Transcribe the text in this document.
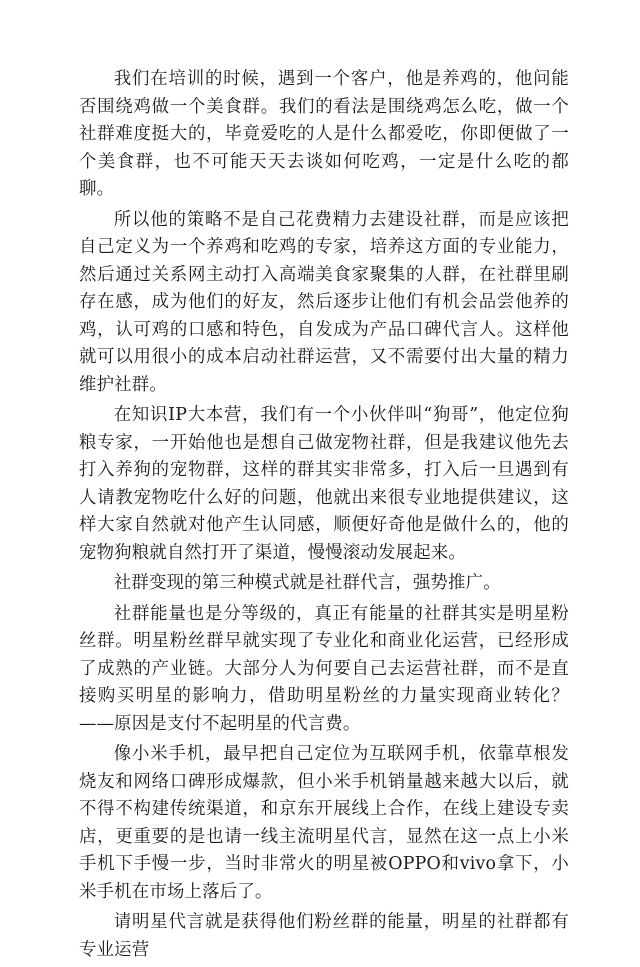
我们在培训的时候，遇到一个客户，他是养鸡的，他问能否围绕鸡做一个美食群。我们的看法是围绕鸡怎么吃，做一个社群难度挺大的，毕竟爱吃的人是什么都爱吃，你即便做了一个美食群，也不可能天天去谈如何吃鸡，一定是什么吃的都聊。

所以他的策略不是自己花费精力去建设社群，而是应该把自己定义为一个养鸡和吃鸡的专家，培养这方面的专业能力，然后通过关系网主动打入高端美食家聚集的人群，在社群里刷存在感，成为他们的好友，然后逐步让他们有机会品尝他养的鸡，认可鸡的口感和特色，自发成为产品口碑代言人。这样他就可以用很小的成本启动社群运营，又不需要付出大量的精力维护社群。

在知识IP大本营，我们有一个小伙伴叫“狗哥”，他定位狗粮专家，一开始他也是想自己做宠物社群，但是我建议他先去打入养狗的宠物群，这样的群其实非常多，打入后一旦遇到有人请教宠物吃什么好的问题，他就出来很专业地提供建议，这样大家自然就对他产生认同感，顺便好奇他是做什么的，他的宠物狗粮就自然打开了渠道，慢慢滚动发展起来。

社群变现的第三种模式就是社群代言，强势推广。

社群能量也是分等级的，真正有能量的社群其实是明星粉丝群。明星粉丝群早就实现了专业化和商业化运营，已经形成了成熟的产业链。大部分人为何要自己去运营社群，而不是直接购买明星的影响力，借助明星粉丝的力量实现商业转化？——原因是支付不起明星的代言费。

像小米手机，最早把自己定位为互联网手机，依靠草根发烧友和网络口碑形成爆款，但小米手机销量越来越大以后，就不得不构建传统渠道，和京东开展线上合作，在线上建设专卖店，更重要的是也请一线主流明星代言，显然在这一点上小米手机下手慢一步，当时非常火的明星被OPPO和vivo拿下，小米手机在市场上落后了。

请明星代言就是获得他们粉丝群的能量，明星的社群都有专业运营
